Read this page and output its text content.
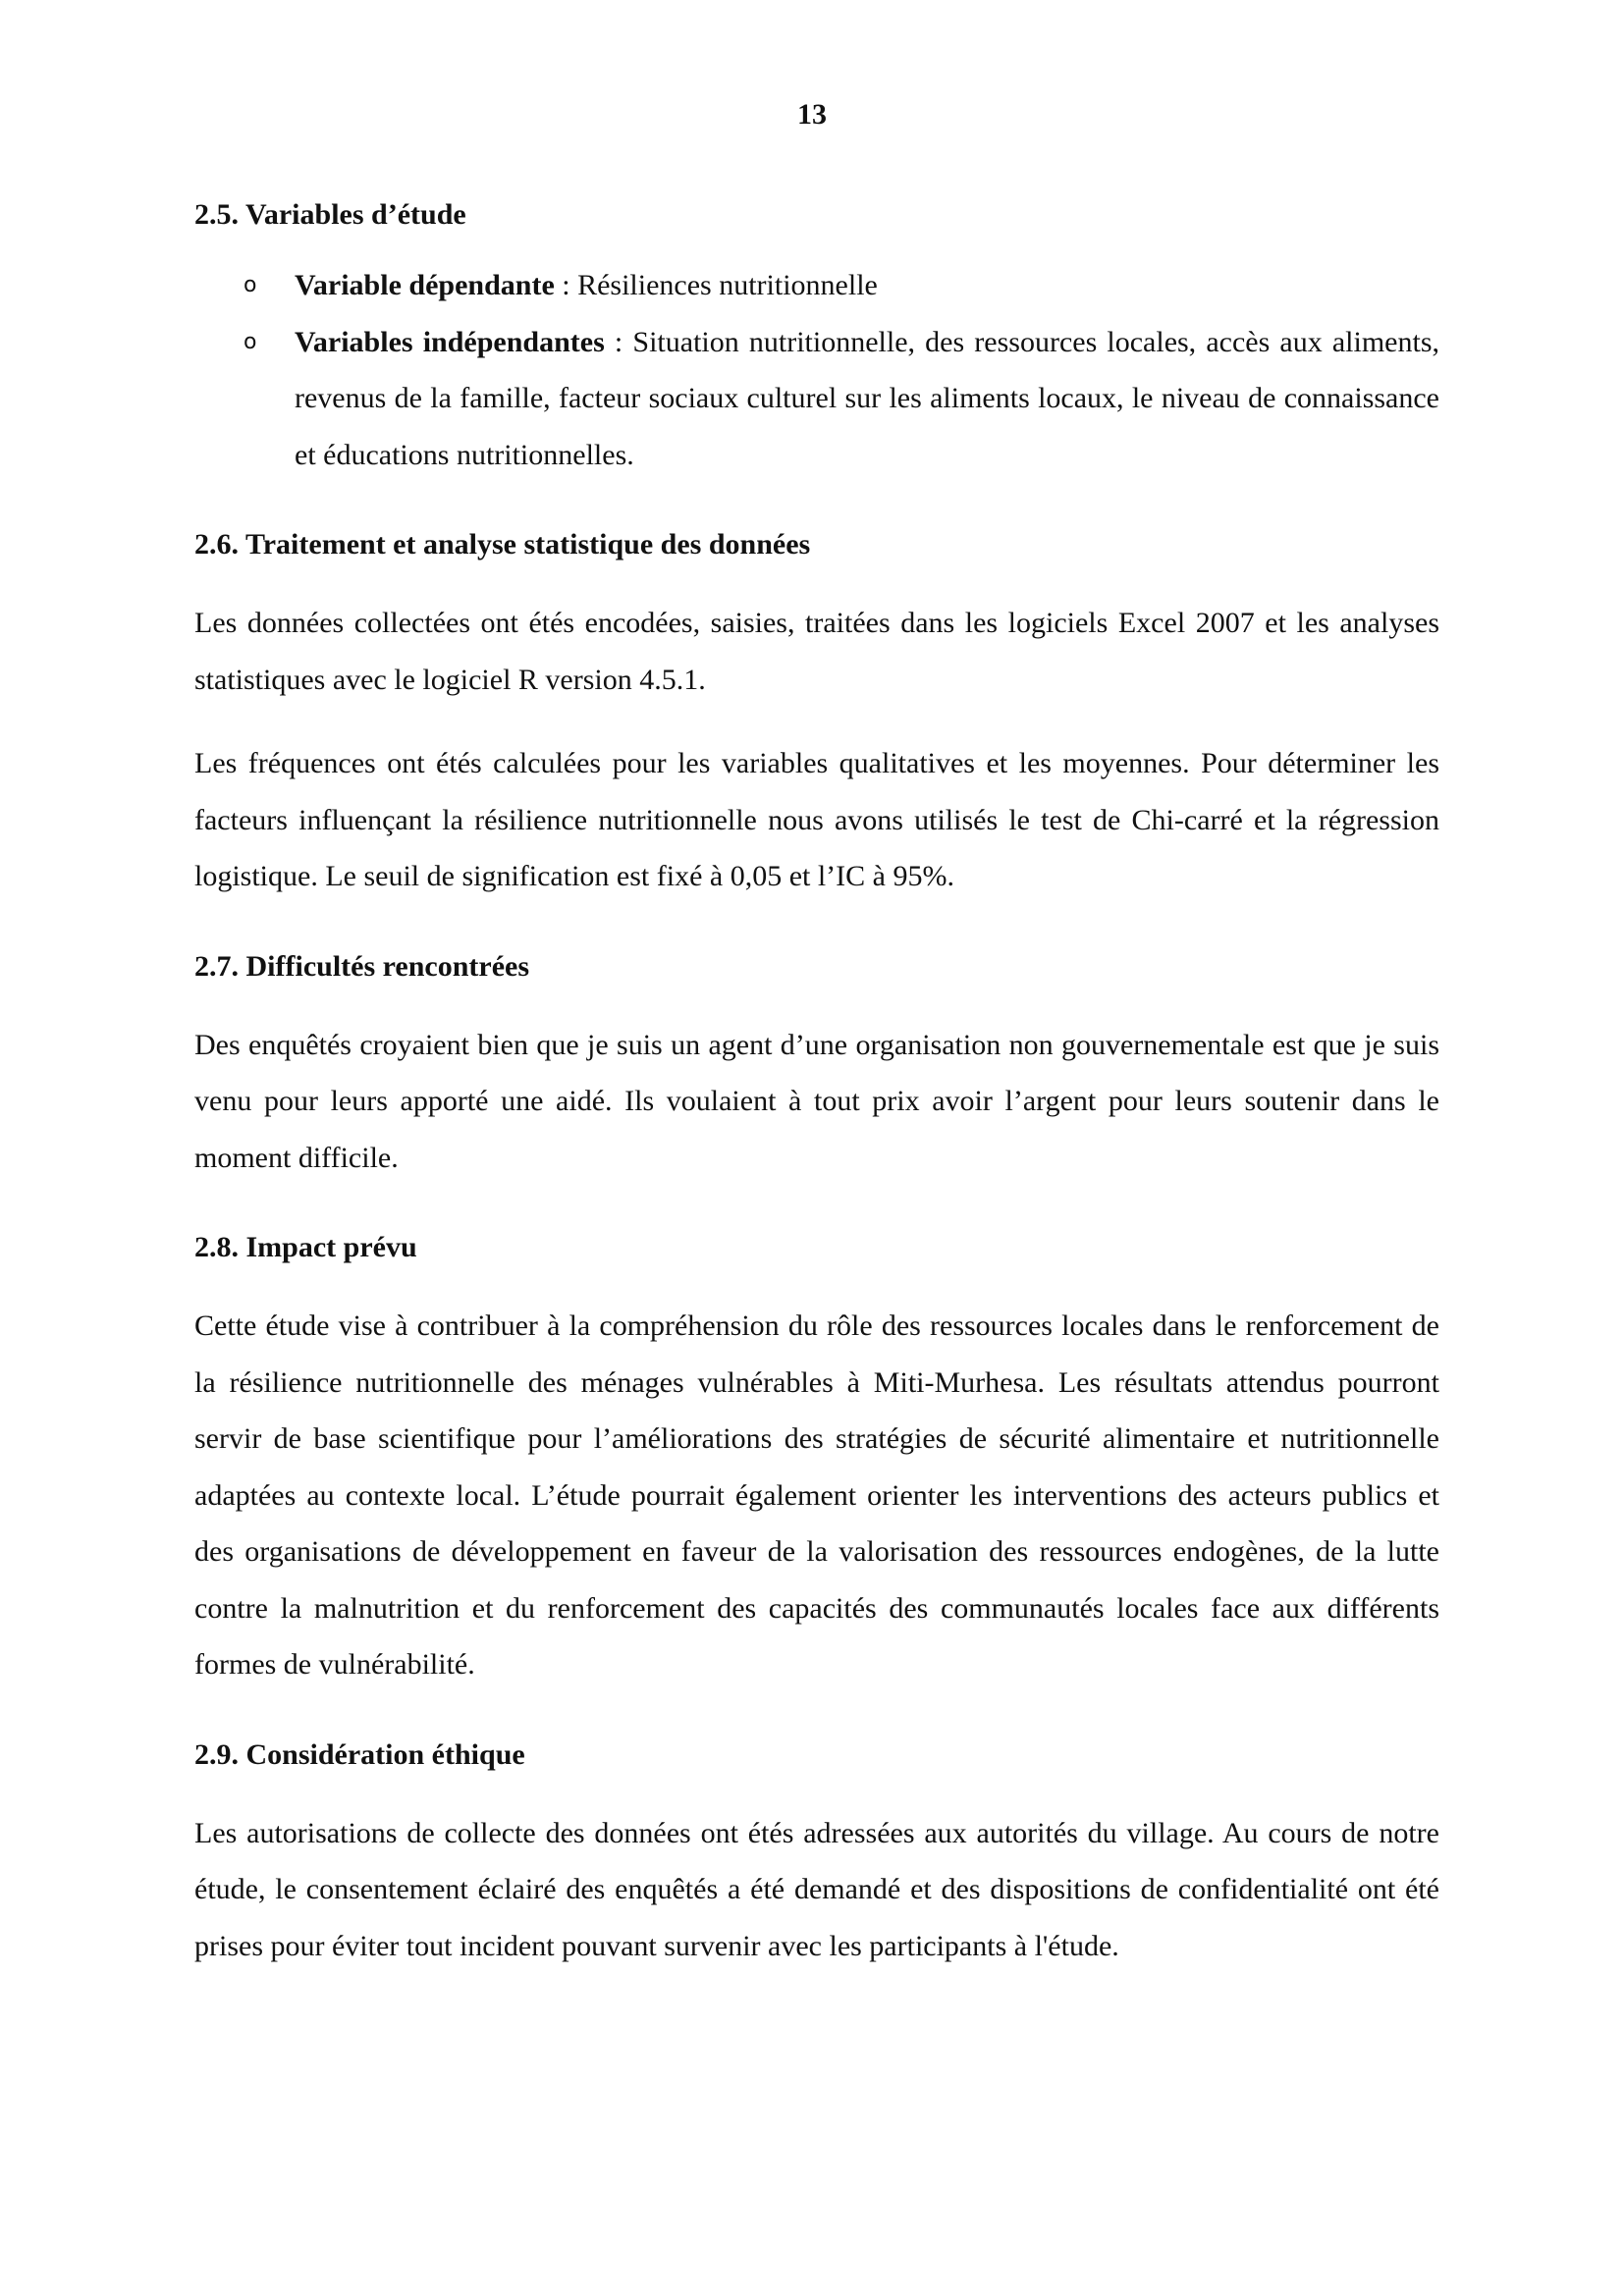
13
2.5. Variables d’étude
o Variable dépendante : Résiliences nutritionnelle
o Variables indépendantes : Situation nutritionnelle, des ressources locales, accès aux aliments, revenus de la famille, facteur sociaux culturel sur les aliments locaux, le niveau de connaissance et éducations nutritionnelles.
2.6. Traitement et analyse statistique des données

Les données collectées ont étés encodées, saisies, traitées dans les logiciels Excel 2007 et les analyses statistiques avec le logiciel R version 4.5.1.

Les fréquences ont étés calculées pour les variables qualitatives et les moyennes. Pour déterminer les facteurs influençant la résilience nutritionnelle nous avons utilisés le test de Chi-carré et la régression logistique. Le seuil de signification est fixé à 0,05 et l’IC à 95%.

2.7. Difficultés rencontrées

Des enquêtés croyaient bien que je suis un agent d’une organisation non gouvernementale est que je suis venu pour leurs apporté une aidé. Ils voulaient à tout prix avoir l’argent pour leurs soutenir dans le moment difficile.

2.8. Impact prévu

Cette étude vise à contribuer à la compréhension du rôle des ressources locales dans le renforcement de la résilience nutritionnelle des ménages vulnérables à Miti-Murhesa. Les résultats attendus pourront servir de base scientifique pour l’améliorations des stratégies de sécurité alimentaire et nutritionnelle adaptées au contexte local. L’étude pourrait également orienter les interventions des acteurs publics et des organisations de développement en faveur de la valorisation des ressources endogènes, de la lutte contre la malnutrition et du renforcement des capacités des communautés locales face aux différents formes de vulnérabilité.

2.9. Considération éthique

Les autorisations de collecte des données ont étés adressées aux autorités du village. Au cours de notre étude, le consentement éclairé des enquêtés a été demandé et des dispositions de confidentialité ont été prises pour éviter tout incident pouvant survenir avec les participants à l'étude.
